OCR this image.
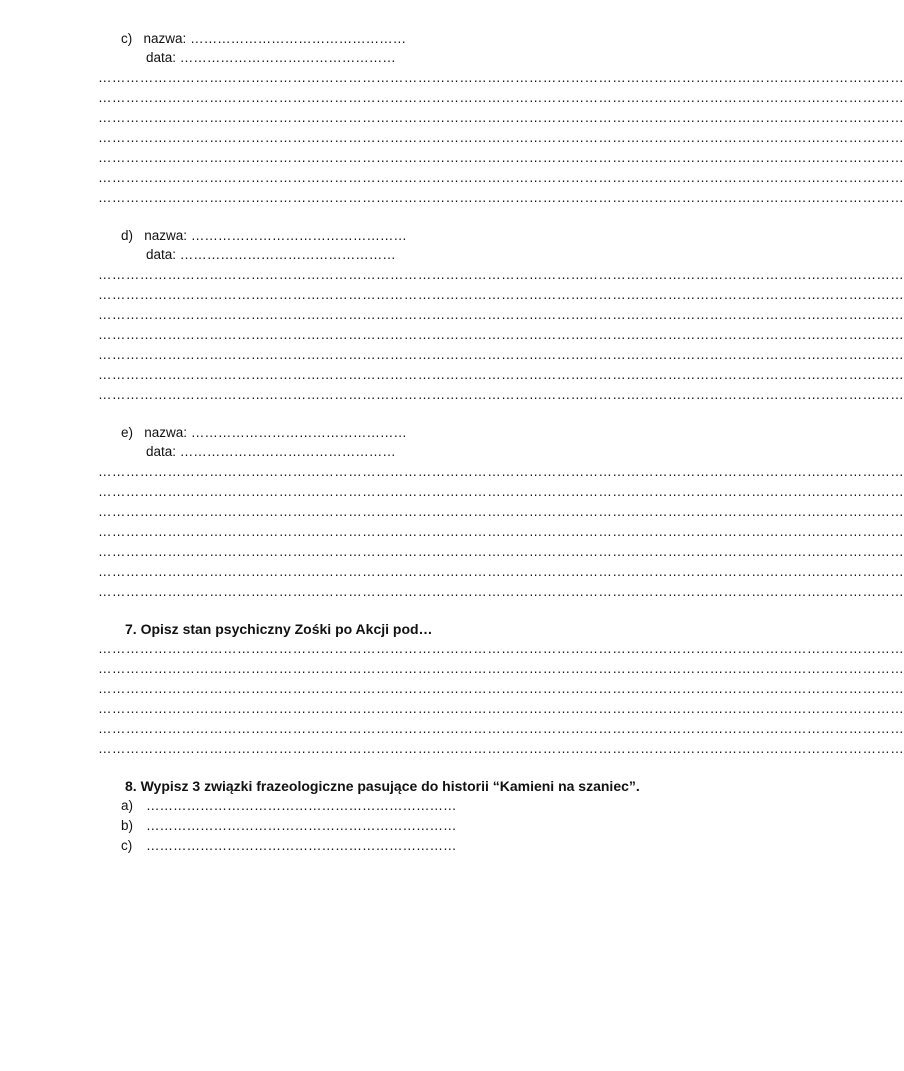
c) nazwa: …………………………………………
data: …………………………………………
…………………………………………………………………………………………………………………………………………………………
…………………………………………………………………………………………………………………………………………………………
…………………………………………………………………………………………………………………………………………………………
…………………………………………………………………………………………………………………………………………………………
…………………………………………………………………………………………………………………………………………………………
…………………………………………………………………………………………………………………………………………………………
…………………………………………………………………………………………………………………………………………………………
d) nazwa: …………………………………………
data: …………………………………………
…………………………………………………………………………………………………………………………………………………………
…………………………………………………………………………………………………………………………………………………………
…………………………………………………………………………………………………………………………………………………………
…………………………………………………………………………………………………………………………………………………………
…………………………………………………………………………………………………………………………………………………………
…………………………………………………………………………………………………………………………………………………………
…………………………………………………………………………………………………………………………………………………………
e) nazwa: …………………………………………
data: …………………………………………
…………………………………………………………………………………………………………………………………………………………
…………………………………………………………………………………………………………………………………………………………
…………………………………………………………………………………………………………………………………………………………
…………………………………………………………………………………………………………………………………………………………
…………………………………………………………………………………………………………………………………………………………
…………………………………………………………………………………………………………………………………………………………
…………………………………………………………………………………………………………………………………………………………
7. Opisz stan psychiczny Zośki po Akcji pod…
…………………………………………………………………………………………………………………………………………………………
…………………………………………………………………………………………………………………………………………………………
…………………………………………………………………………………………………………………………………………………………
…………………………………………………………………………………………………………………………………………………………
…………………………………………………………………………………………………………………………………………………………
…………………………………………………………………………………………………………………………………………………………
8. Wypisz 3 związki frazeologiczne pasujące do historii “Kamieni na szaniec”.
a) ……………………………………………………………
b) ……………………………………………………………
c) ……………………………………………………………
